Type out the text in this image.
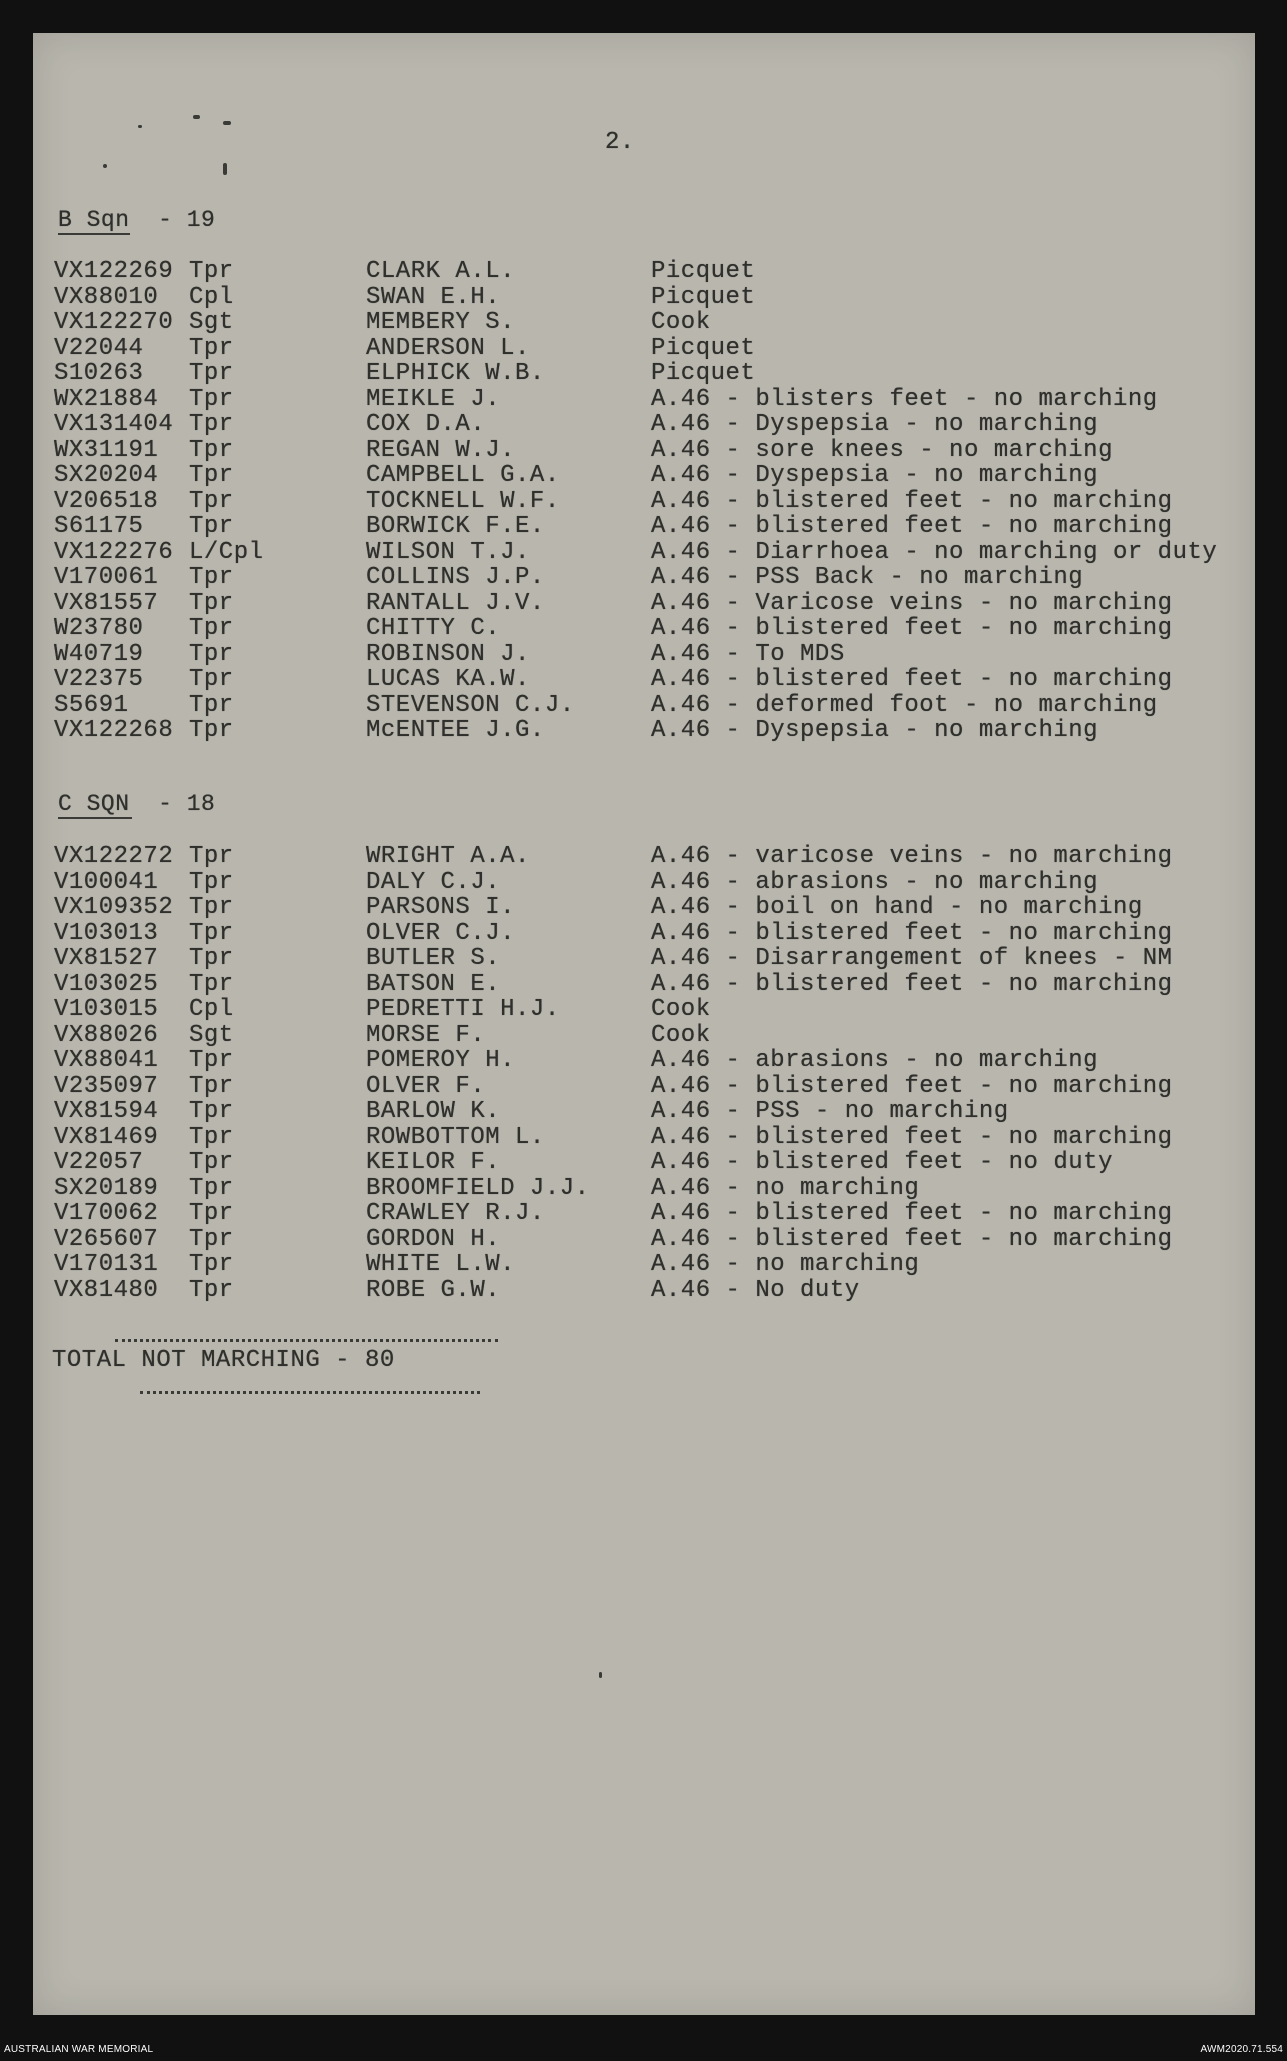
2.
B Sqn - 19
VX122269 Tpr	CLARK A.L.	Picquet
VX88010 Cpl	SWAN E.H.	Picquet
VX122270 Sgt	MEMBERY S.	Cook
V22044 Tpr	ANDERSON L.	Picquet
S10263 Tpr	ELPHICK W.B.	Picquet
WX21884 Tpr	MEIKLE J.	A.46 - blisters feet - no marching
VX131404 Tpr	COX D.A.	A.46 - Dyspepsia - no marching
WX31191 Tpr	REGAN W.J.	A.46 - sore knees - no marching
SX20204 Tpr	CAMPBELL G.A.	A.46 - Dyspepsia - no marching
V206518 Tpr	TOCKNELL W.F.	A.46 - blistered feet - no marching
S61175 Tpr	BORWICK F.E.	A.46 - blistered feet - no marching
VX122276 L/Cpl	WILSON T.J.	A.46 - Diarrhoea - no marching or duty
V170061 Tpr	COLLINS J.P.	A.46 - PSS Back - no marching
VX81557 Tpr	RANTALL J.V.	A.46 - Varicose veins - no marching
W23780 Tpr	CHITTY C.	A.46 - blistered feet - no marching
W40719 Tpr	ROBINSON J.	A.46 - To MDS
V22375 Tpr	LUCAS KA.W.	A.46 - blistered feet - no marching
S5691	Tpr	STEVENSON C.J.	A.46 - deformed foot - no marching
VX122268 Tpr	McENTEE J.G.	A.46 - Dyspepsia - no marching
C SQN - 18
VX122272 Tpr	WRIGHT A.A.	A.46 - varicose veins - no marching
V100041 Tpr	DALY C.J.	A.46 - abrasions - no marching
VX109352 Tpr	PARSONS I.	A.46 - boil on hand - no marching
V103013 Tpr	OLVER C.J.	A.46 - blistered feet - no marching
VX81527 Tpr	BUTLER S.	A.46 - Disarrangement of knees - NM
V103025 Tpr	BATSON E.	A.46 - blistered feet - no marching
V103015 Cpl	PEDRETTI H.J.	Cook
VX88026 Sgt	MORSE F.	Cook
VX88041 Tpr	POMEROY H.	A.46 - abrasions - no marching
V235097 Tpr	OLVER F.	A.46 - blistered feet - no marching
VX81594 Tpr	BARLOW K.	A.46 - PSS - no marching
VX81469 Tpr	ROWBOTTOM L.	A.46 - blistered feet - no marching
V22057 Tpr	KEILOR F.	A.46 - blistered feet - no duty
SX20189 Tpr	BROOMFIELD J.J.	A.46 - no marching
V170062 Tpr	CRAWLEY R.J.	A.46 - blistered feet - no marching
V265607 Tpr	GORDON H.	A.46 - blistered feet - no marching
V170131 Tpr	WHITE L.W.	A.46 - no marching
VX81480 Tpr	ROBE G.W.	A.46 - No duty
TOTAL NOT MARCHING - 80
AUSTRALIAN WAR MEMORIAL	AWM2020.71.554
